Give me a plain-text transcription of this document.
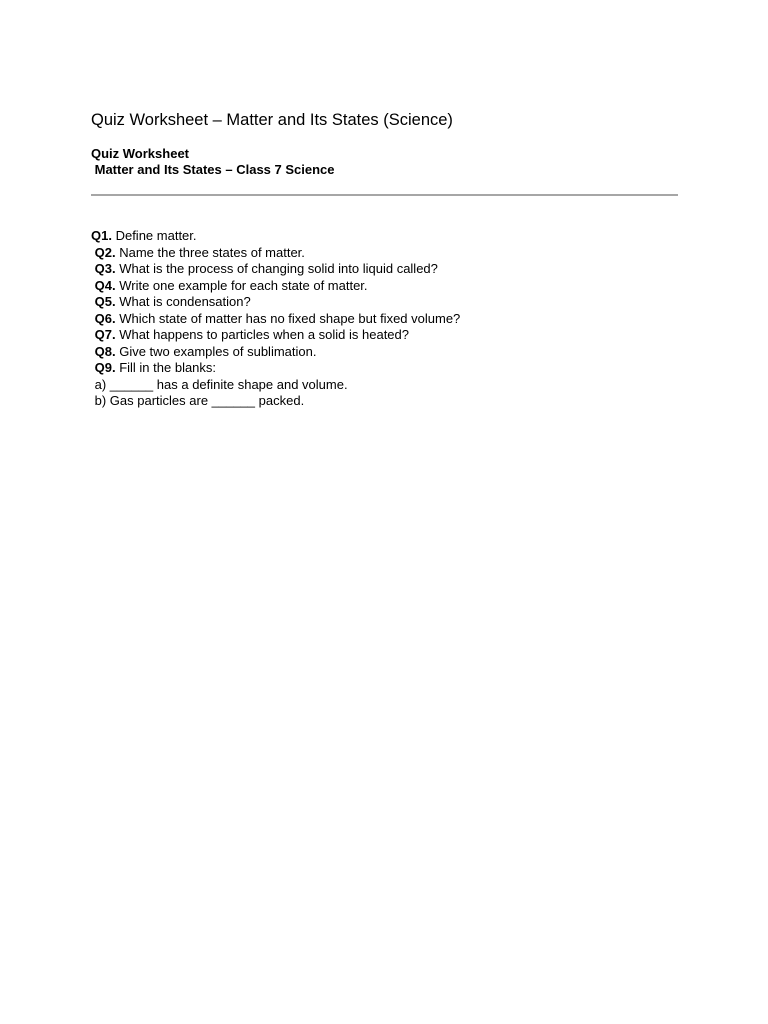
Quiz Worksheet – Matter and Its States (Science)
Quiz Worksheet
Matter and Its States – Class 7 Science
Q1. Define matter.
Q2. Name the three states of matter.
Q3. What is the process of changing solid into liquid called?
Q4. Write one example for each state of matter.
Q5. What is condensation?
Q6. Which state of matter has no fixed shape but fixed volume?
Q7. What happens to particles when a solid is heated?
Q8. Give two examples of sublimation.
Q9. Fill in the blanks:
a) ______ has a definite shape and volume.
b) Gas particles are ______ packed.
